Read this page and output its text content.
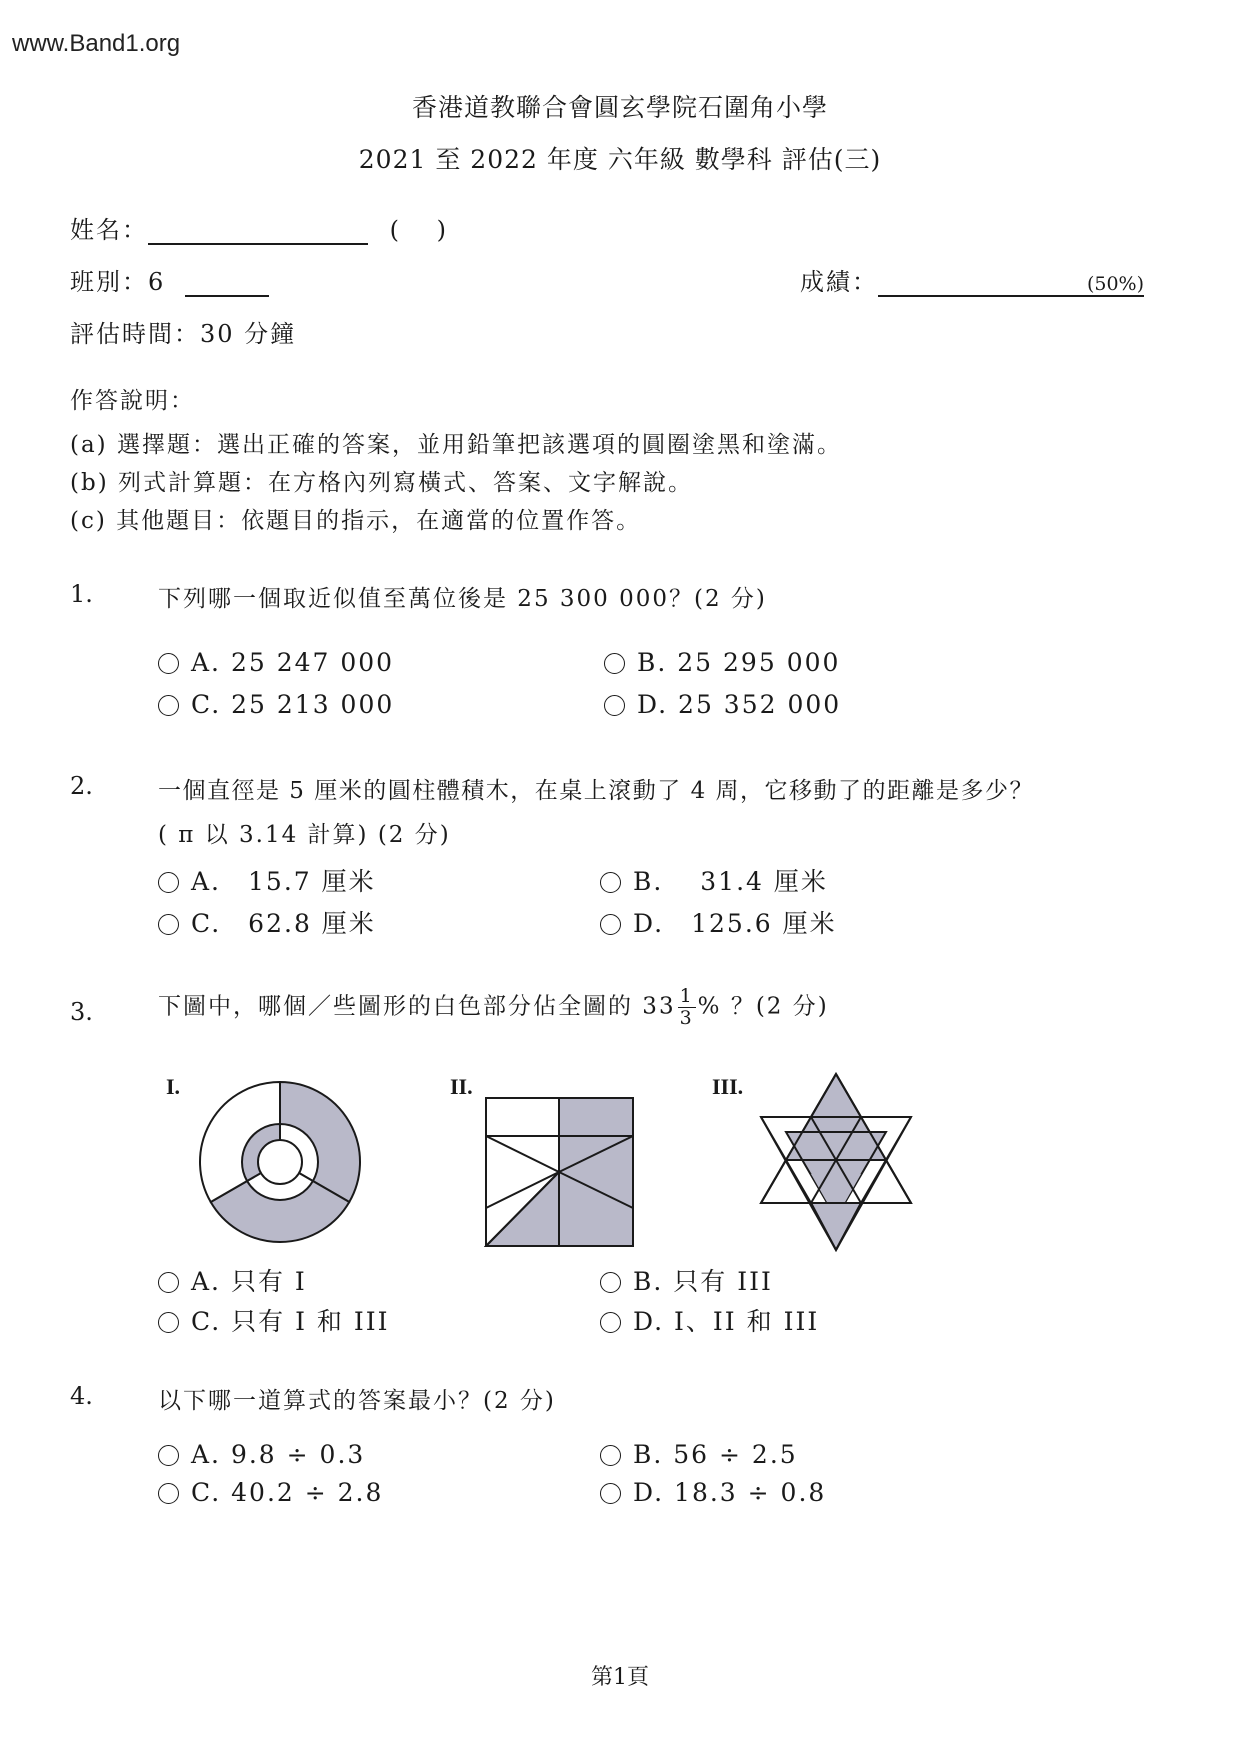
www.Band1.org
香港道教聯合會圓玄學院石圍角小學
2021 至 2022 年度 六年級 數學科 評估(三)
姓名：	(　 )
班別：6	成績：	(50%)
評估時間：30 分鐘
作答說明：
(a) 選擇題：選出正確的答案，並用鉛筆把該選項的圓圈塗黑和塗滿。
(b) 列式計算題：在方格內列寫橫式、答案、文字解說。
(c) 其他題目：依題目的指示，在適當的位置作答。
1.	下列哪一個取近似值至萬位後是 25 300 000？(2 分)
A. 25 247 000	B. 25 295 000
C. 25 213 000	D. 25 352 000
2.	一個直徑是 5 厘米的圓柱體積木，在桌上滾動了 4 周，它移動了的距離是多少？
( π 以 3.14 計算) (2 分)
A.　15.7 厘米	B.　 31.4 厘米
C.　62.8 厘米	D.　125.6 厘米
3.	下圖中，哪個／些圖形的白色部分佔全圖的 $33 \frac{1}{3}$ % ？(2 分)
I.	II.	III.
A. 只有 I	B. 只有 III
C. 只有 I 和 III	D. I、II 和 III
4.	以下哪一道算式的答案最小？(2 分)
A. 9.8 ÷ 0.3	B. 56 ÷ 2.5
C. 40.2 ÷ 2.8	D. 18.3 ÷ 0.8
第1頁
